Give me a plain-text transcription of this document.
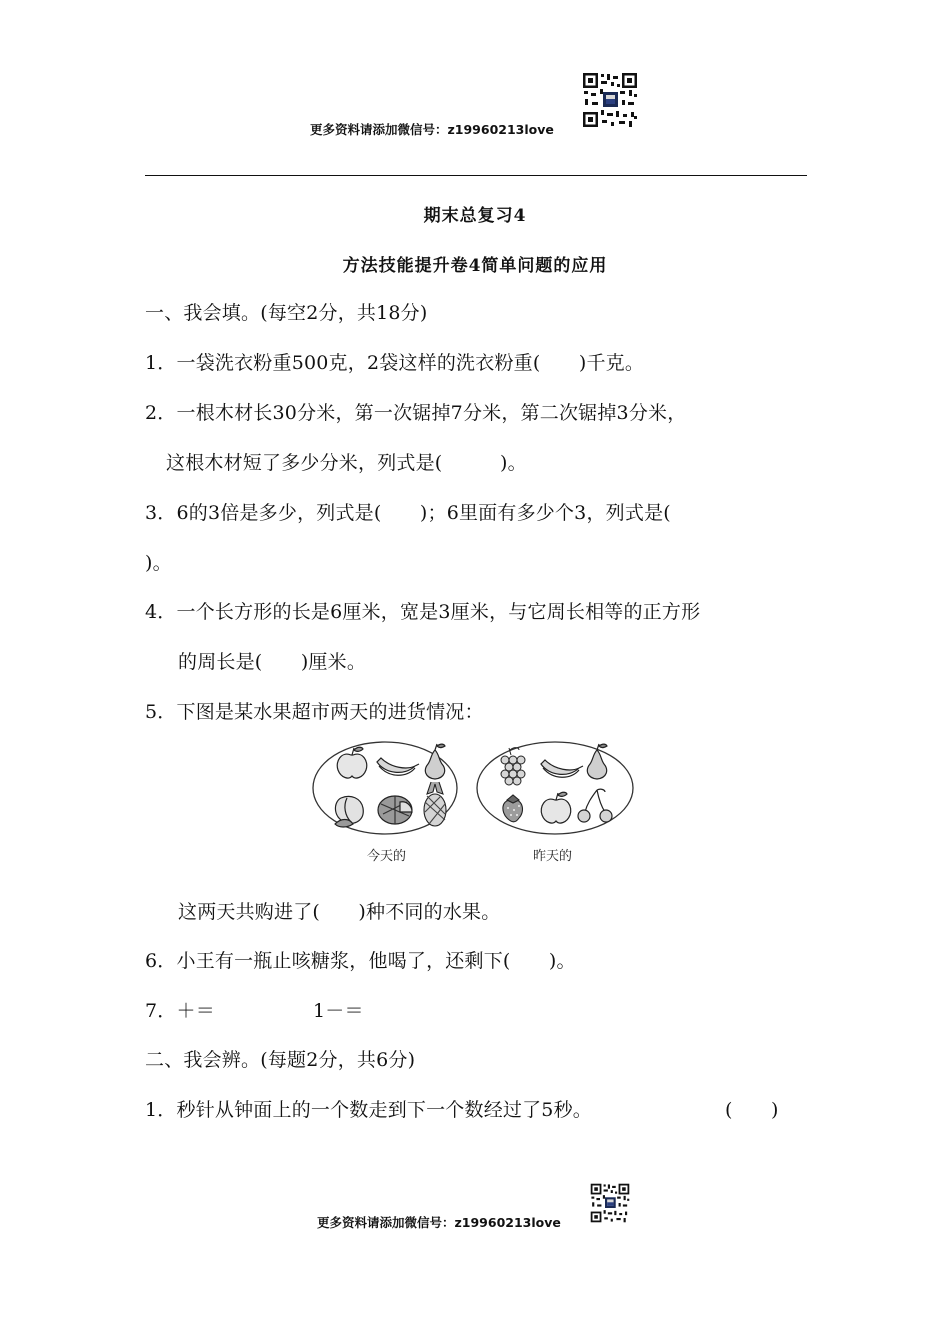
更多资料请添加微信号：z19960213love
期末总复习4
方法技能提升卷4简单问题的应用
一、我会填。(每空2分，共18分)
1．一袋洗衣粉重500克，2袋这样的洗衣粉重(　　)千克。
2．一根木材长30分米，第一次锯掉7分米，第二次锯掉3分米，
这根木材短了多少分米，列式是(　　　)。
3．6的3倍是多少，列式是(　　)；6里面有多少个3，列式是(
)。
4．一个长方形的长是6厘米，宽是3厘米，与它周长相等的正方形
的周长是(　　)厘米。
5．下图是某水果超市两天的进货情况：
今天的	昨天的
这两天共购进了(　　)种不同的水果。
6．小王有一瓶止咳糖浆，他喝了，还剩下(　　)。
7．＋＝	1－＝
二、我会辨。(每题2分，共6分)
1．秒针从钟面上的一个数走到下一个数经过了5秒。	(　　)
更多资料请添加微信号：z19960213love
